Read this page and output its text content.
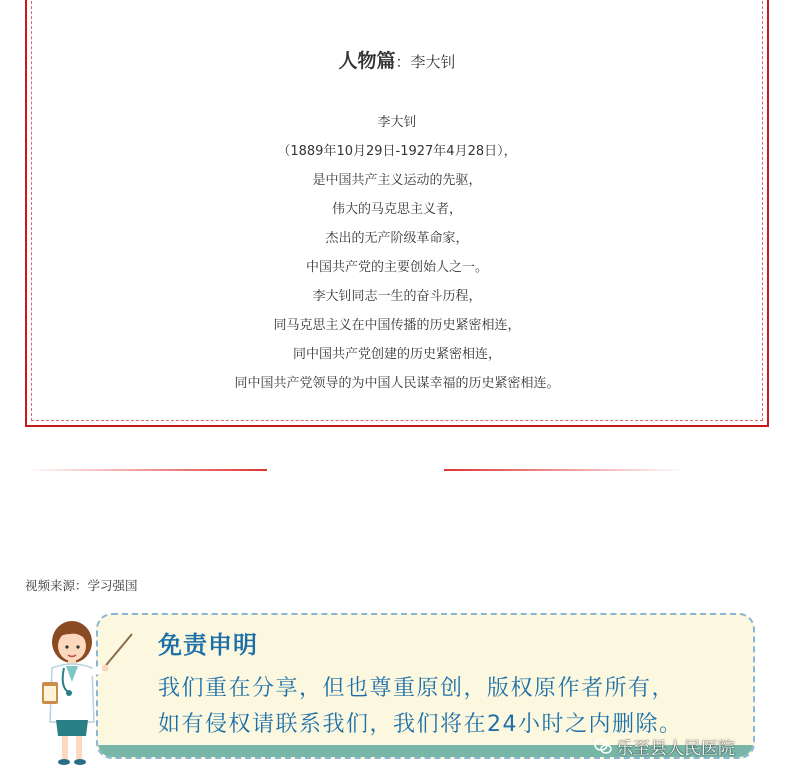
人物篇：李大钊
李大钊
（1889年10月29日-1927年4月28日），
是中国共产主义运动的先驱，
伟大的马克思主义者，
杰出的无产阶级革命家，
中国共产党的主要创始人之一。
李大钊同志一生的奋斗历程，
同马克思主义在中国传播的历史紧密相连，
同中国共产党创建的历史紧密相连，
同中国共产党领导的为中国人民谋幸福的历史紧密相连。
视频来源：学习强国
免责申明
我们重在分享，但也尊重原创，版权原作者所有，
如有侵权请联系我们，我们将在24小时之内删除。
乐至县人民医院
